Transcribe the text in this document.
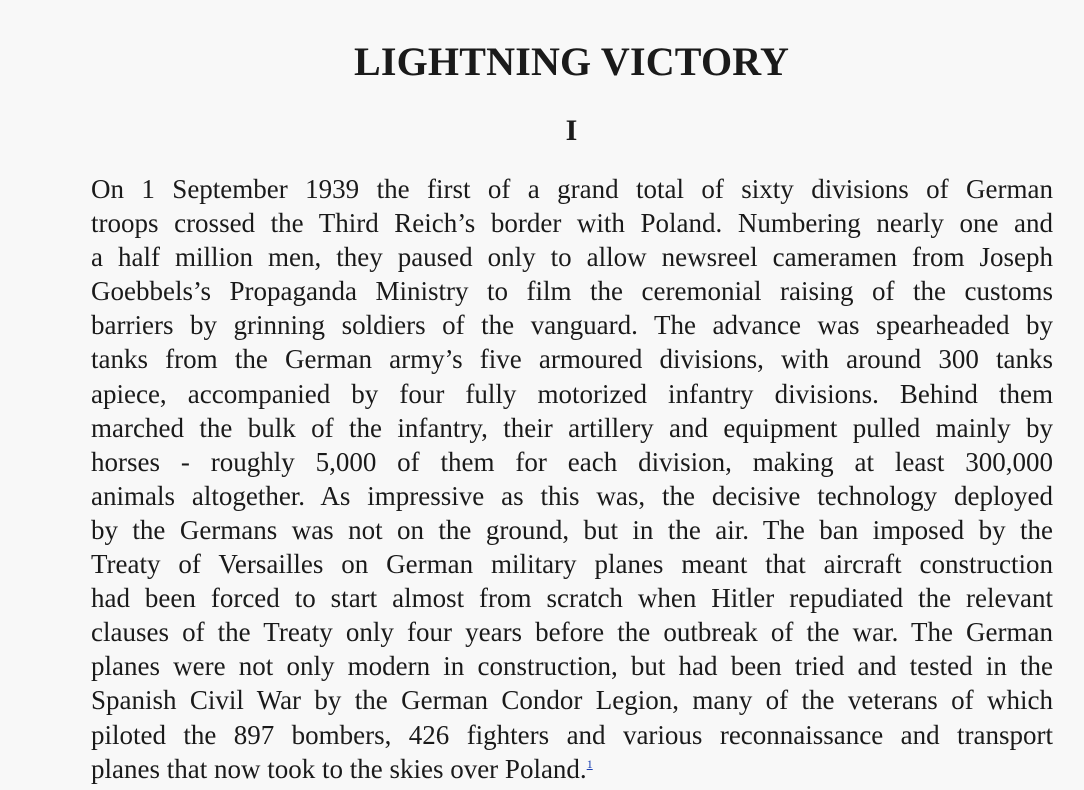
LIGHTNING VICTORY
I
On 1 September 1939 the first of a grand total of sixty divisions of German
troops crossed the Third Reich’s border with Poland. Numbering nearly one and
a half million men, they paused only to allow newsreel cameramen from Joseph
Goebbels’s Propaganda Ministry to film the ceremonial raising of the customs
barriers by grinning soldiers of the vanguard. The advance was spearheaded by
tanks from the German army’s five armoured divisions, with around 300 tanks
apiece, accompanied by four fully motorized infantry divisions. Behind them
marched the bulk of the infantry, their artillery and equipment pulled mainly by
horses - roughly 5,000 of them for each division, making at least 300,000
animals altogether. As impressive as this was, the decisive technology deployed
by the Germans was not on the ground, but in the air. The ban imposed by the
Treaty of Versailles on German military planes meant that aircraft construction
had been forced to start almost from scratch when Hitler repudiated the relevant
clauses of the Treaty only four years before the outbreak of the war. The German
planes were not only modern in construction, but had been tried and tested in the
Spanish Civil War by the German Condor Legion, many of the veterans of which
piloted the 897 bombers, 426 fighters and various reconnaissance and transport
planes that now took to the skies over Poland.$^1$
